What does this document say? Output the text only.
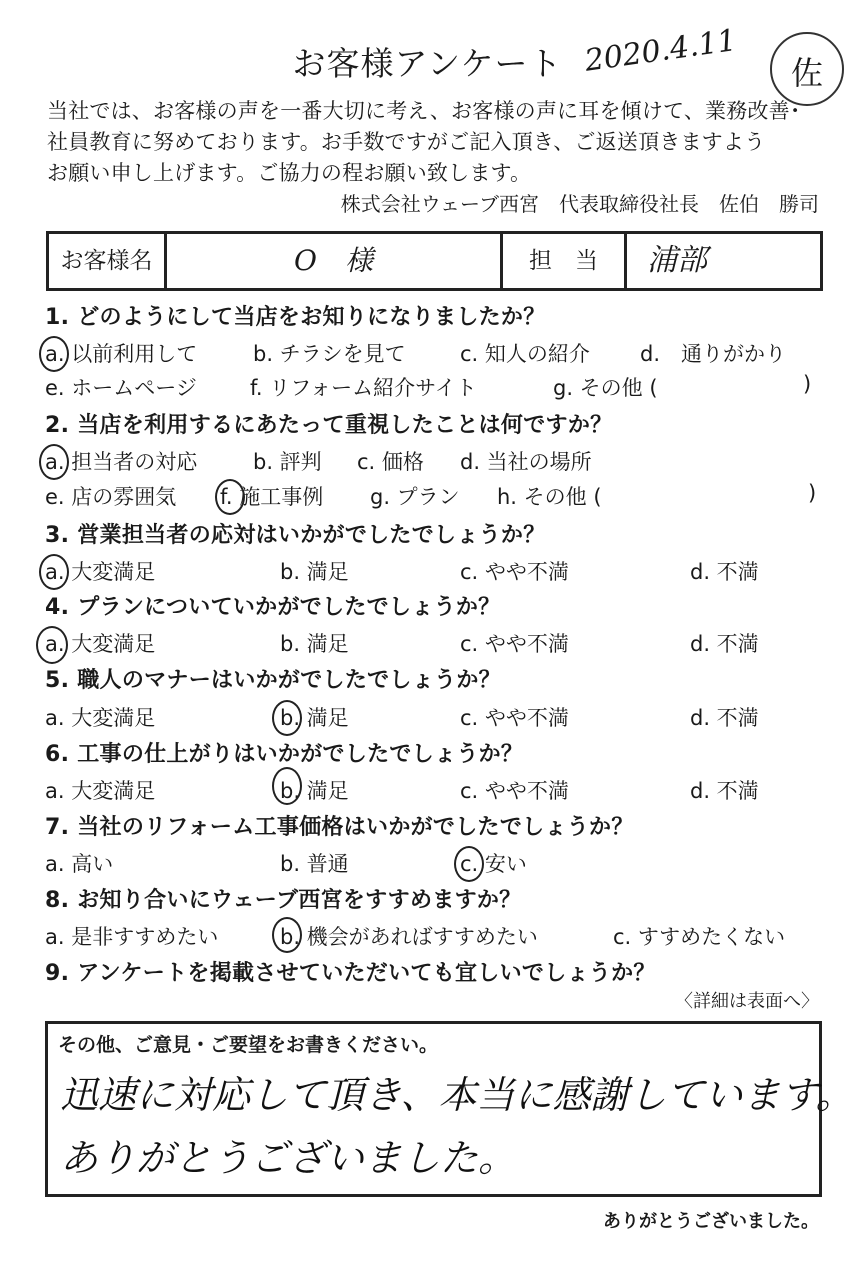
お客様アンケート 2020.4.11	佐
当社では、お客様の声を一番大切に考え、お客様の声に耳を傾けて、業務改善･
社員教育に努めております。お手数ですがご記入頂き、ご返送頂きますよう
お願い申し上げます。ご協力の程お願い致します。
株式会社ウェーブ西宮　代表取締役社長　佐伯　勝司
お客様名	O　様	担　当	浦部
1. どのようにして当店をお知りになりましたか？
a. 以前利用して	b. チラシを見て	c. 知人の紹介 d.　通りがかり
e. ホームページ	f. リフォーム紹介サイト	g. その他 (	)
2. 当店を利用するにあたって重視したことは何ですか？
a. 担当者の対応	b. 評判 c. 価格 d. 当社の場所
e. 店の雰囲気 f. 施工事例 g. プラン h. その他 (	)
3. 営業担当者の応対はいかがでしたでしょうか？
a. 大変満足	b. 満足	c. やや不満	d. 不満
4. プランについていかがでしたでしょうか？
a. 大変満足	b. 満足	c. やや不満	d. 不満
5. 職人のマナーはいかがでしたでしょうか？
a. 大変満足	b. 満足	c. やや不満	d. 不満
6. 工事の仕上がりはいかがでしたでしょうか？
a. 大変満足	b. 満足	c. やや不満	d. 不満
7. 当社のリフォーム工事価格はいかがでしたでしょうか？
a. 高い	b. 普通	c. 安い
8. お知り合いにウェーブ西宮をすすめますか？
a. 是非すすめたい	b. 機会があればすすめたい	c. すすめたくない
9. アンケートを掲載させていただいても宜しいでしょうか？
〈詳細は表面へ〉
その他、ご意見・ご要望をお書きください。
迅速に対応して頂き、本当に感謝しています。
ありがとうございました。
ありがとうございました。
